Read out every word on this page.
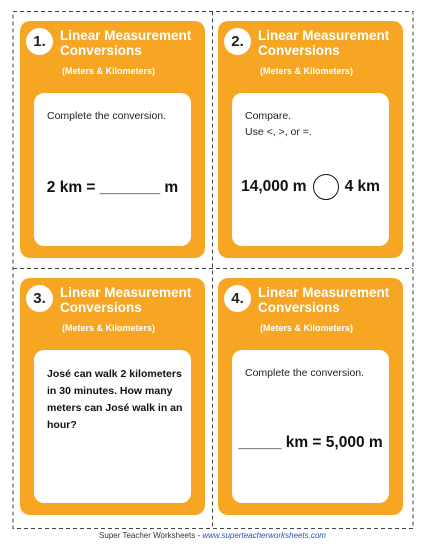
1.	Linear Measurement Conversions
(Meters & Kilometers)
Complete the conversion.
2 km = _______ m
2.	Linear Measurement Conversions
(Meters & Kilometers)
Compare.
Use <, >, or =.
14,000 m 4 km
3.	Linear Measurement Conversions
(Meters & Kilometers)
José can walk 2 kilometers in 30 minutes. How many meters can José walk in an hour?
4.	Linear Measurement Conversions
(Meters & Kilometers)
Complete the conversion.
_____ km = 5,000 m
Super Teacher Worksheets - www.superteacherworksheets.com
